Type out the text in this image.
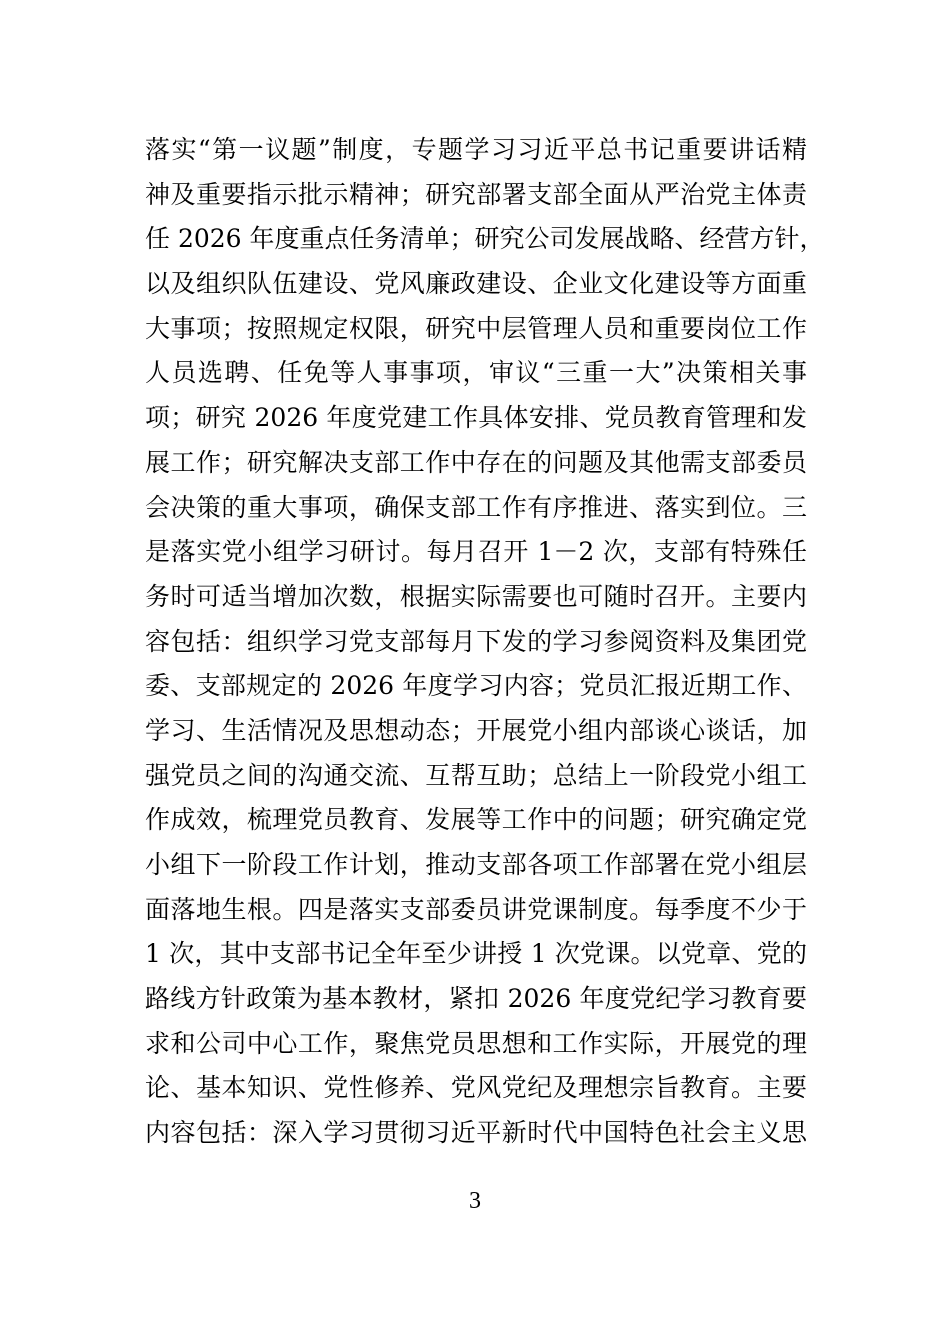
落实“第一议题”制度，专题学习习近平总书记重要讲话精
神及重要指示批示精神；研究部署支部全面从严治党主体责
任 2026 年度重点任务清单；研究公司发展战略、经营方针，
以及组织队伍建设、党风廉政建设、企业文化建设等方面重
大事项；按照规定权限，研究中层管理人员和重要岗位工作
人员选聘、任免等人事事项，审议“三重一大”决策相关事
项；研究 2026 年度党建工作具体安排、党员教育管理和发
展工作；研究解决支部工作中存在的问题及其他需支部委员
会决策的重大事项，确保支部工作有序推进、落实到位。三
是落实党小组学习研讨。每月召开 1－2 次，支部有特殊任
务时可适当增加次数，根据实际需要也可随时召开。主要内
容包括：组织学习党支部每月下发的学习参阅资料及集团党
委、支部规定的 2026 年度学习内容；党员汇报近期工作、
学习、生活情况及思想动态；开展党小组内部谈心谈话，加
强党员之间的沟通交流、互帮互助；总结上一阶段党小组工
作成效，梳理党员教育、发展等工作中的问题；研究确定党
小组下一阶段工作计划，推动支部各项工作部署在党小组层
面落地生根。四是落实支部委员讲党课制度。每季度不少于
1 次，其中支部书记全年至少讲授 1 次党课。以党章、党的
路线方针政策为基本教材，紧扣 2026 年度党纪学习教育要
求和公司中心工作，聚焦党员思想和工作实际，开展党的理
论、基本知识、党性修养、党风党纪及理想宗旨教育。主要
内容包括：深入学习贯彻习近平新时代中国特色社会主义思
3
